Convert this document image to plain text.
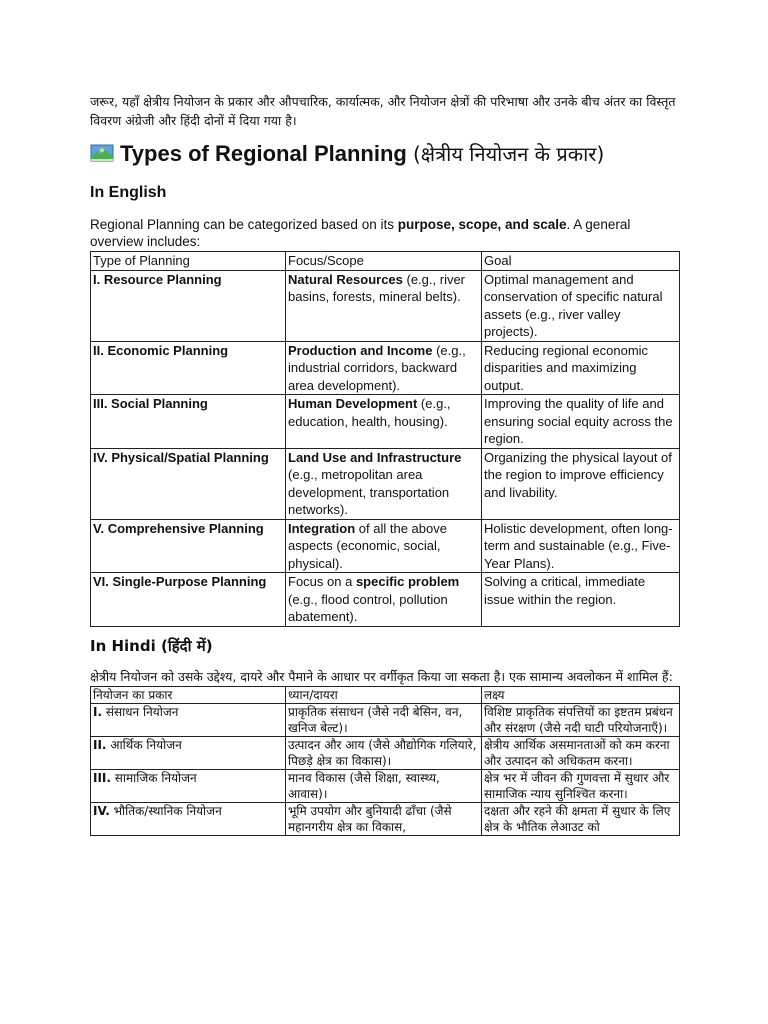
जरूर, यहाँ क्षेत्रीय नियोजन के प्रकार और औपचारिक, कार्यात्मक, और नियोजन क्षेत्रों की परिभाषा और उनके बीच अंतर का विस्तृत विवरण अंग्रेजी और हिंदी दोनों में दिया गया है।

Types of Regional Planning (क्षेत्रीय नियोजन के प्रकार)
In English

Regional Planning can be categorized based on its purpose, scope, and scale. A general overview includes:

Type of Planning	Focus/Scope	Goal
I. Resource Planning	Natural Resources (e.g., river basins, forests, mineral belts).	Optimal management and conservation of specific natural assets (e.g., river valley projects).
II. Economic Planning	Production and Income (e.g., industrial corridors, backward area development).	Reducing regional economic disparities and maximizing output.
III. Social Planning	Human Development (e.g., education, health, housing).	Improving the quality of life and ensuring social equity across the region.
IV. Physical/Spatial Planning	Land Use and Infrastructure (e.g., metropolitan area development, transportation networks).	Organizing the physical layout of the region to improve efficiency and livability.
V. Comprehensive Planning	Integration of all the above aspects (economic, social, physical).	Holistic development, often long-term and sustainable (e.g., Five-Year Plans).
VI. Single-Purpose Planning	Focus on a specific problem (e.g., flood control, pollution abatement).	Solving a critical, immediate issue within the region.
In Hindi (हिंदी में)

क्षेत्रीय नियोजन को उसके उद्देश्य, दायरे और पैमाने के आधार पर वर्गीकृत किया जा सकता है। एक सामान्य अवलोकन में शामिल हैं:

नियोजन का प्रकार	ध्यान/दायरा	लक्ष्य
I. संसाधन नियोजन	प्राकृतिक संसाधन (जैसे नदी बेसिन, वन, खनिज बेल्ट)।	विशिष्ट प्राकृतिक संपत्तियों का इष्टतम प्रबंधन और संरक्षण (जैसे नदी घाटी परियोजनाएँ)।
II. आर्थिक नियोजन	उत्पादन और आय (जैसे औद्योगिक गलियारे, पिछड़े क्षेत्र का विकास)।	क्षेत्रीय आर्थिक असमानताओं को कम करना और उत्पादन को अधिकतम करना।
III. सामाजिक नियोजन	मानव विकास (जैसे शिक्षा, स्वास्थ्य, आवास)।	क्षेत्र भर में जीवन की गुणवत्ता में सुधार और सामाजिक न्याय सुनिश्चित करना।
IV. भौतिक/स्थानिक नियोजन	भूमि उपयोग और बुनियादी ढाँचा (जैसे महानगरीय क्षेत्र का विकास,	दक्षता और रहने की क्षमता में सुधार के लिए क्षेत्र के भौतिक लेआउट को
